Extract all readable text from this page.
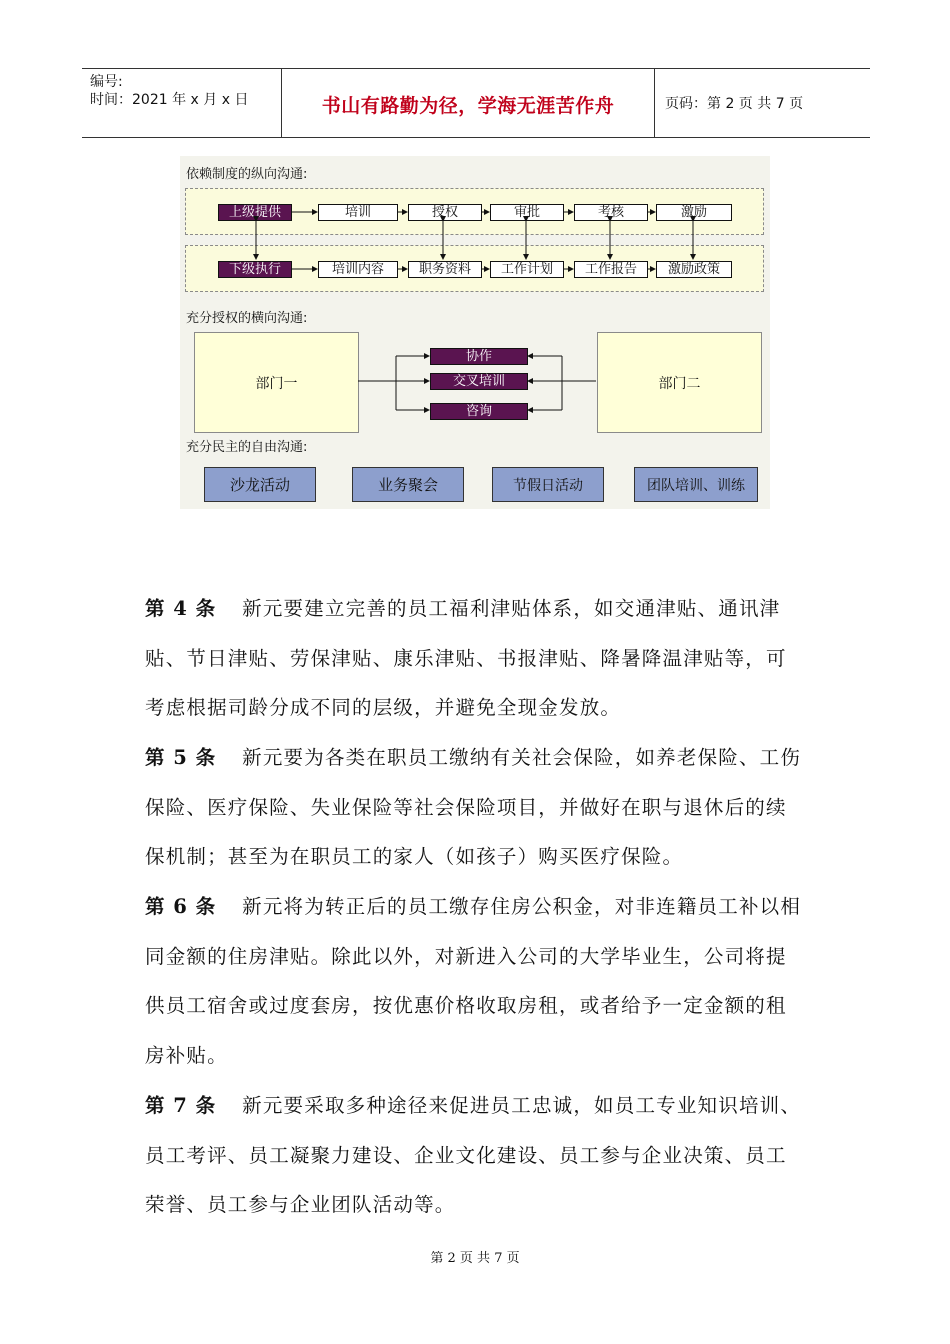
编号:
时间：2021 年 x 月 x 日	书山有路勤为径，学海无涯苦作舟	页码：第 2 页 共 7 页
依赖制度的纵向沟通:
上级提供	培训	授权	审批	考核	激励
下级执行	培训内容	职务资料	工作计划	工作报告	激励政策
充分授权的横向沟通:
部门一	部门二
协作
交叉培训
咨询
充分民主的自由沟通:
沙龙活动	业务聚会	节假日活动	团队培训、训练
第 4 条 新元要建立完善的员工福利津贴体系，如交通津贴、通讯津贴、节日津贴、劳保津贴、康乐津贴、书报津贴、降暑降温津贴等，可考虑根据司龄分成不同的层级，并避免全现金发放。
第 5 条 新元要为各类在职员工缴纳有关社会保险，如养老保险、工伤保险、医疗保险、失业保险等社会保险项目，并做好在职与退休后的续保机制；甚至为在职员工的家人（如孩子）购买医疗保险。
第 6 条 新元将为转正后的员工缴存住房公积金，对非连籍员工补以相同金额的住房津贴。除此以外，对新进入公司的大学毕业生，公司将提供员工宿舍或过度套房，按优惠价格收取房租，或者给予一定金额的租房补贴。
第 7 条 新元要采取多种途径来促进员工忠诚，如员工专业知识培训、员工考评、员工凝聚力建设、企业文化建设、员工参与企业决策、员工荣誉、员工参与企业团队活动等。
第 2 页 共 7 页
